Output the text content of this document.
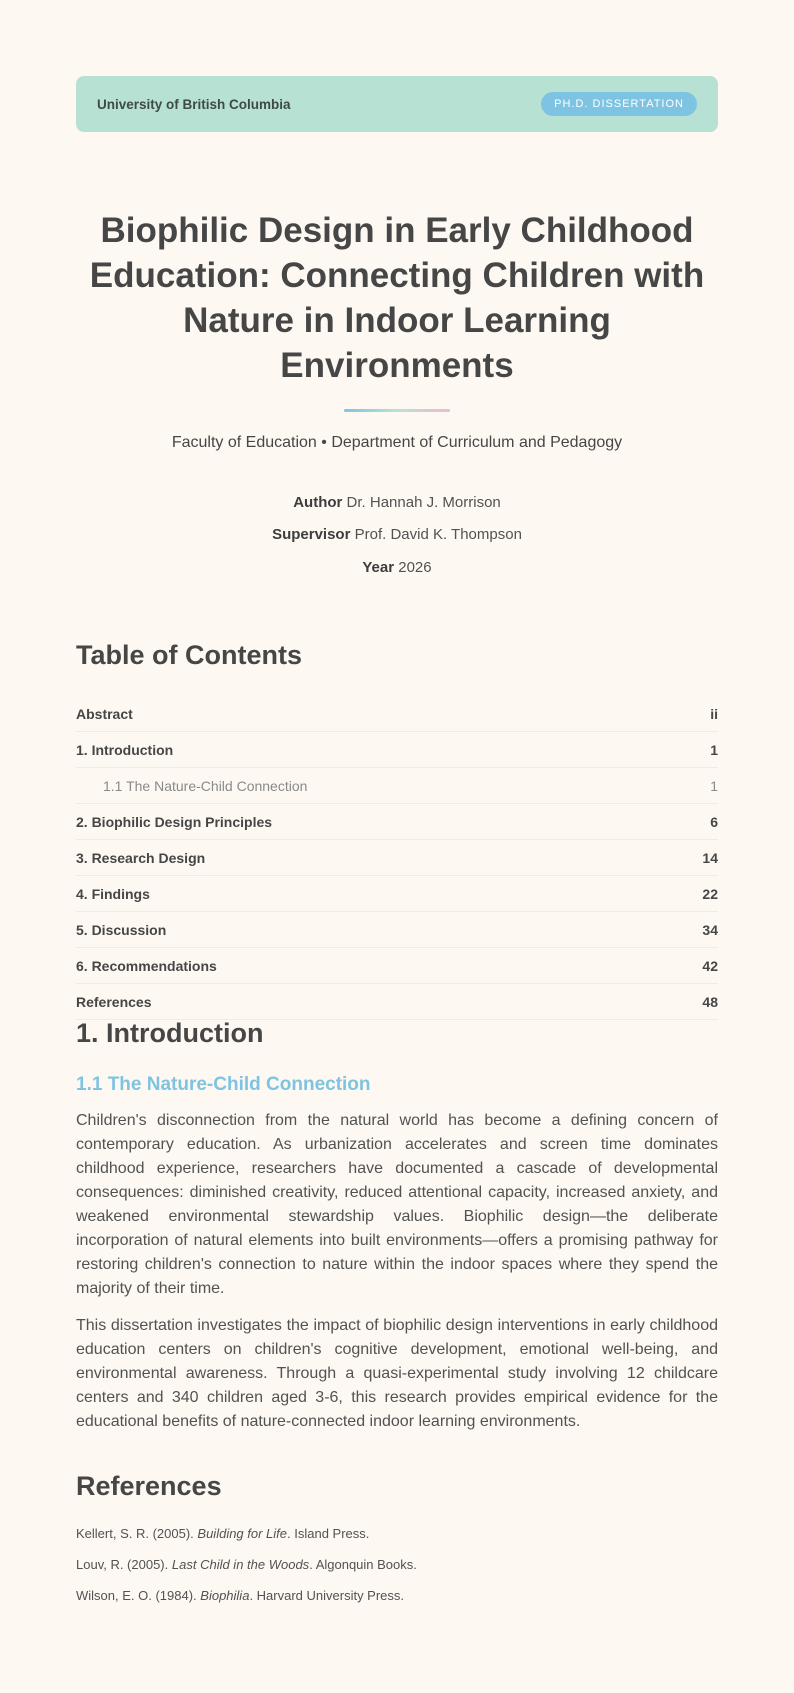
University of British Columbia	PH.D. DISSERTATION
Biophilic Design in Early Childhood Education: Connecting Children with Nature in Indoor Learning Environments
Faculty of Education • Department of Curriculum and Pedagogy
Author Dr. Hannah J. Morrison
Supervisor Prof. David K. Thompson
Year 2026
Table of Contents
Abstract	ii
1. Introduction	1
1.1 The Nature-Child Connection	1
2. Biophilic Design Principles	6
3. Research Design	14
4. Findings	22
5. Discussion	34
6. Recommendations	42
References	48
1. Introduction
1.1 The Nature-Child Connection

Children's disconnection from the natural world has become a defining concern of contemporary education. As urbanization accelerates and screen time dominates childhood experience, researchers have documented a cascade of developmental consequences: diminished creativity, reduced attentional capacity, increased anxiety, and weakened environmental stewardship values. Biophilic design—the deliberate incorporation of natural elements into built environments—offers a promising pathway for restoring children's connection to nature within the indoor spaces where they spend the majority of their time.

This dissertation investigates the impact of biophilic design interventions in early childhood education centers on children's cognitive development, emotional well-being, and environmental awareness. Through a quasi-experimental study involving 12 childcare centers and 340 children aged 3-6, this research provides empirical evidence for the educational benefits of nature-connected indoor learning environments.

References
Kellert, S. R. (2005). Building for Life. Island Press.
Louv, R. (2005). Last Child in the Woods. Algonquin Books.
Wilson, E. O. (1984). Biophilia. Harvard University Press.
